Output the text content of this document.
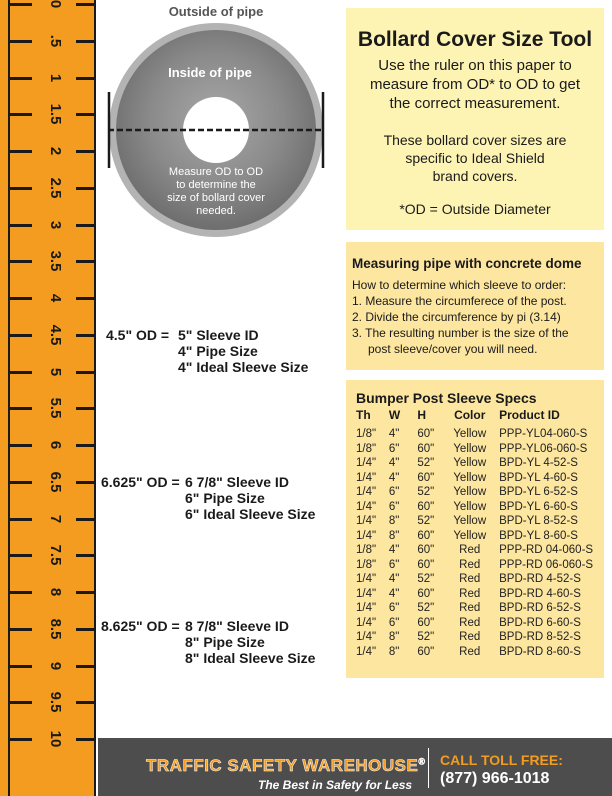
0
.5
1
1.5
2
2.5
3
3.5
4
4.5
5
5.5
6
6.5
7
7.5
8
8.5
9
9.5
10
Outside of pipe
Inside of pipe
Measure OD to OD
to determine the
size of bollard cover
needed.
Bollard Cover Size Tool
Use the ruler on this paper to
measure from OD* to OD to get
the correct measurement.
These bollard cover sizes are
specific to Ideal Shield
brand covers.
*OD = Outside Diameter
Measuring pipe with concrete dome
How to determine which sleeve to order:
1. Measure the circumferece of the post.
2. Divide the circumference by pi (3.14)
3. The resulting number is the size of the
post sleeve/cover you will need.
Bumper Post Sleeve Specs
Th	W	H	Color	Product ID
1/8"	4"	60"	Yellow	PPP-YL04-060-S
1/8"	6"	60"	Yellow	PPP-YL06-060-S
1/4"	4"	52"	Yellow	BPD-YL 4-52-S
1/4"	4"	60"	Yellow	BPD-YL 4-60-S
1/4"	6"	52"	Yellow	BPD-YL 6-52-S
1/4"	6"	60"	Yellow	BPD-YL 6-60-S
1/4"	8"	52"	Yellow	BPD-YL 8-52-S
1/4"	8"	60"	Yellow	BPD-YL 8-60-S
1/8"	4"	60"	Red	PPP-RD 04-060-S
1/8"	6"	60"	Red	PPP-RD 06-060-S
1/4"	4"	52"	Red	BPD-RD 4-52-S
1/4"	4"	60"	Red	BPD-RD 4-60-S
1/4"	6"	52"	Red	BPD-RD 6-52-S
1/4"	6"	60"	Red	BPD-RD 6-60-S
1/4"	8"	52"	Red	BPD-RD 8-52-S
1/4"	8"	60"	Red	BPD-RD 8-60-S
4.5" OD = 5" Sleeve ID
4" Pipe Size
4" Ideal Sleeve Size
6.625" OD = 6 7/8" Sleeve ID
6" Pipe Size
6" Ideal Sleeve Size
8.625" OD = 8 7/8" Sleeve ID
8" Pipe Size
8" Ideal Sleeve Size
TRAFFIC SAFETY WAREHOUSE®
The Best in Safety for Less
CALL TOLL FREE:
(877) 966-1018
